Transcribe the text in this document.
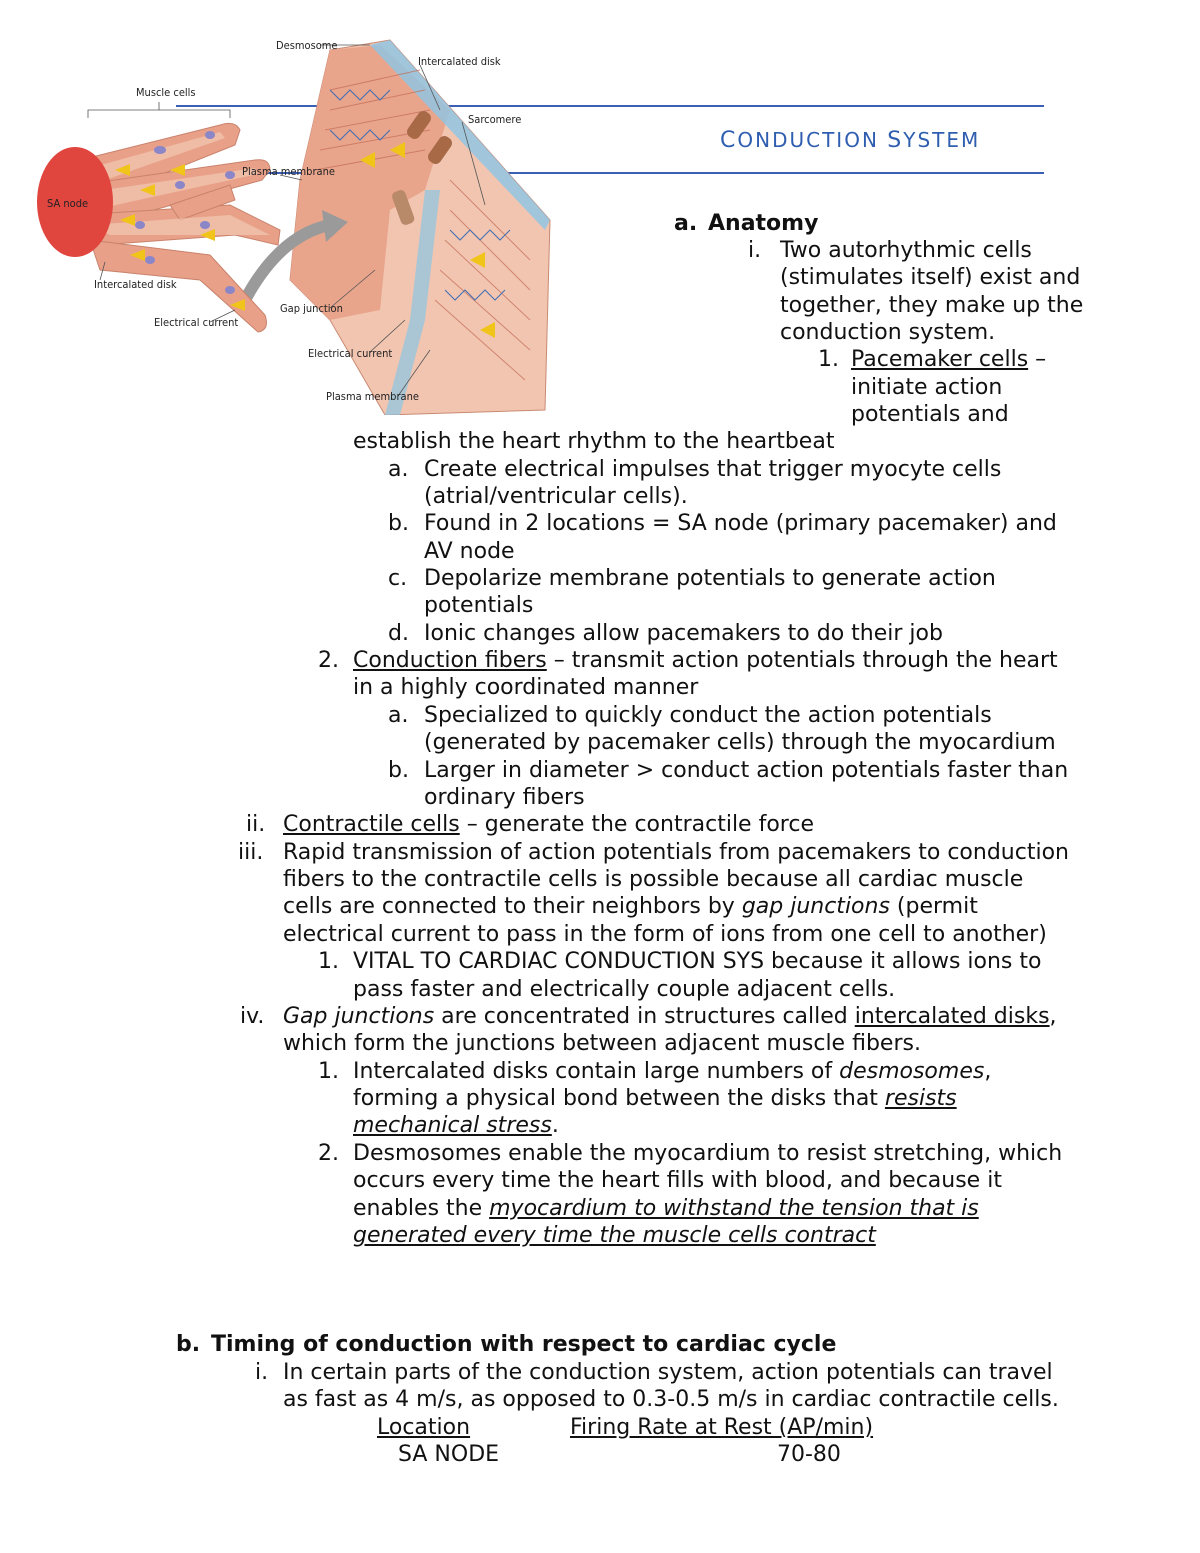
CONDUCTION SYSTEM
Desmosome
Intercalated disk
Muscle cells
Sarcomere
SA node
Plasma membrane
Intercalated disk
Electrical current
Gap junction
Electrical current
Plasma membrane
a. Anatomy
i. Two autorhythmic cells
(stimulates itself) exist and
together, they make up the
conduction system.
1. Pacemaker cells –
initiate action
potentials and
establish the heart rhythm to the heartbeat
a. Create electrical impulses that trigger myocyte cells
(atrial/ventricular cells).
b. Found in 2 locations = SA node (primary pacemaker) and
AV node
c. Depolarize membrane potentials to generate action
potentials
d. Ionic changes allow pacemakers to do their job
2. Conduction fibers – transmit action potentials through the heart
in a highly coordinated manner
a. Specialized to quickly conduct the action potentials
(generated by pacemaker cells) through the myocardium
b. Larger in diameter > conduct action potentials faster than
ordinary fibers
ii. Contractile cells – generate the contractile force
iii. Rapid transmission of action potentials from pacemakers to conduction
fibers to the contractile cells is possible because all cardiac muscle
cells are connected to their neighbors by gap junctions (permit
electrical current to pass in the form of ions from one cell to another)
1. VITAL TO CARDIAC CONDUCTION SYS because it allows ions to
pass faster and electrically couple adjacent cells.
iv. Gap junctions are concentrated in structures called intercalated disks,
which form the junctions between adjacent muscle fibers.
1. Intercalated disks contain large numbers of desmosomes,
forming a physical bond between the disks that resists
mechanical stress.
2. Desmosomes enable the myocardium to resist stretching, which
occurs every time the heart fills with blood, and because it
enables the myocardium to withstand the tension that is
generated every time the muscle cells contract
b. Timing of conduction with respect to cardiac cycle
i. In certain parts of the conduction system, action potentials can travel
as fast as 4 m/s, as opposed to 0.3-0.5 m/s in cardiac contractile cells.
Location	Firing Rate at Rest (AP/min)
SA NODE	70-80
